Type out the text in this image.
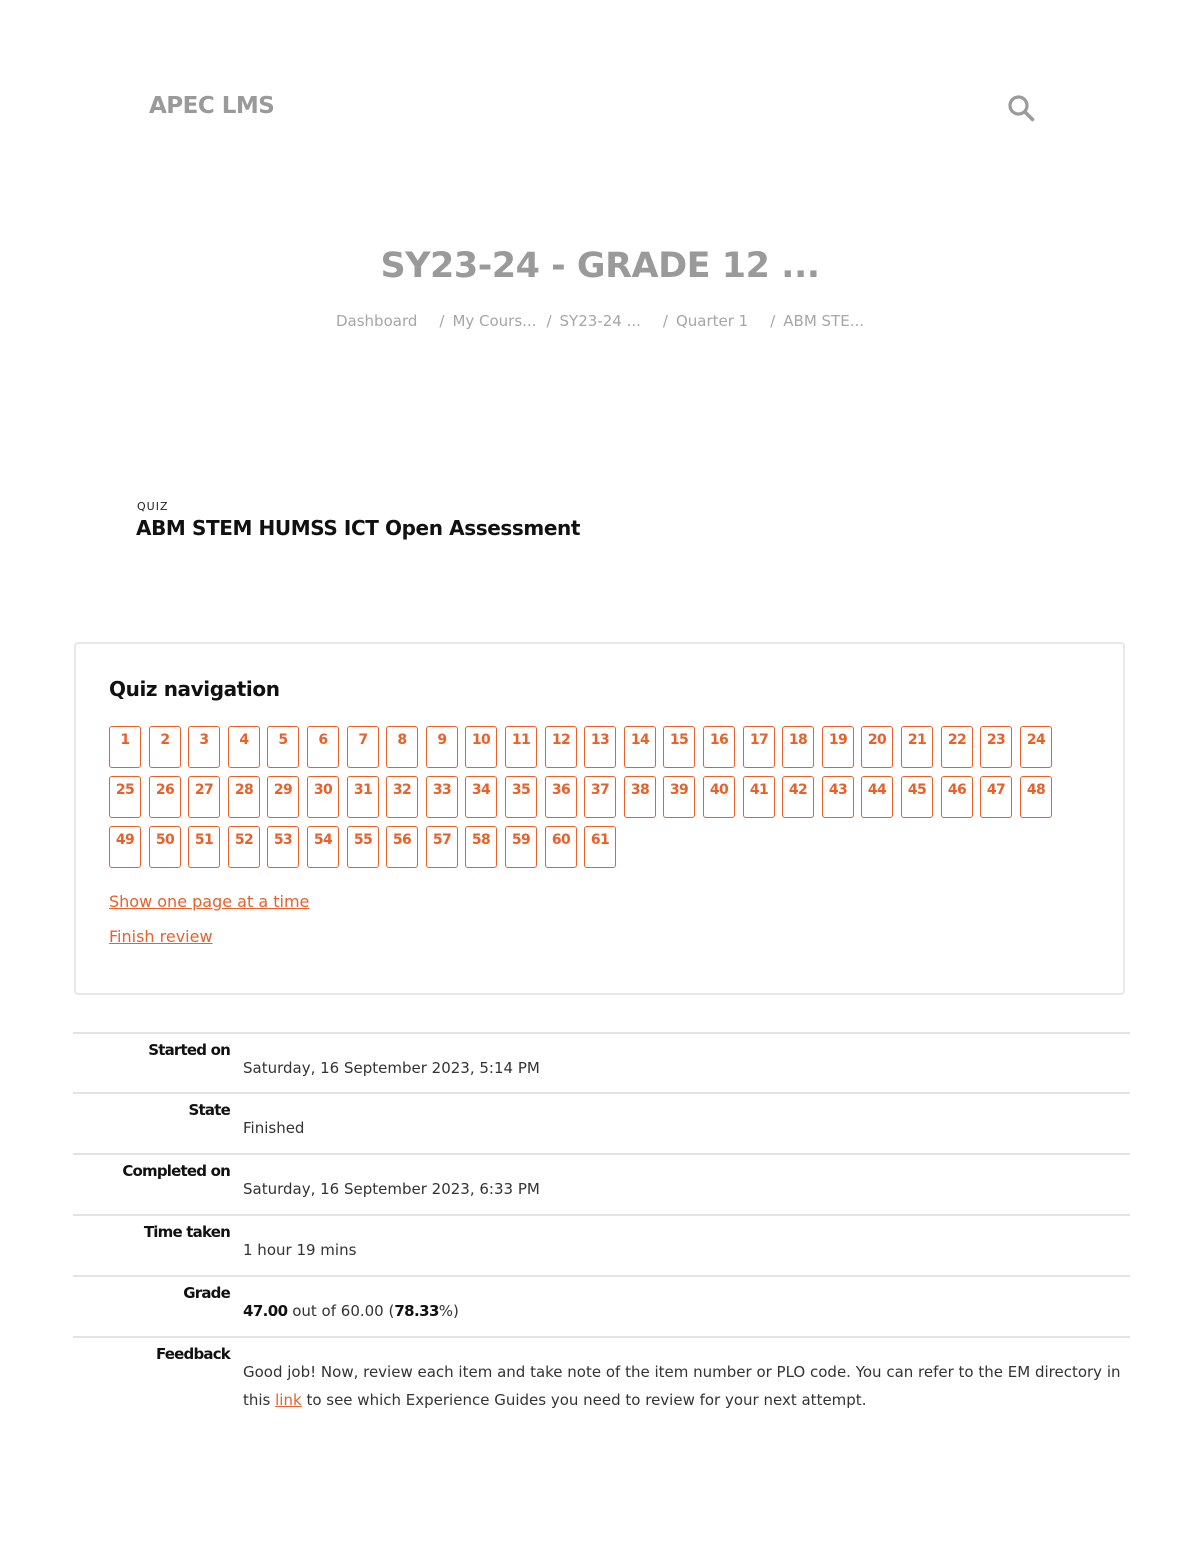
APEC LMS
SY23-24 - GRADE 12 ...
Dashboard / My Cours... / SY23-24 ... / Quarter 1 / ABM STE...
QUIZ
ABM STEM HUMSS ICT Open Assessment
Quiz navigation
1	2	3	4	5	6	7	8	9	10	11	12	13	14	15	16	17	18	19	20	21	22	23	24
25	26	27	28	29	30	31	32	33	34	35	36	37	38	39	40	41	42	43	44	45	46	47	48
49	50	51	52	53	54	55	56	57	58	59	60	61
Show one page at a time
Finish review
Started on
Saturday, 16 September 2023, 5:14 PM
State
Finished
Completed on
Saturday, 16 September 2023, 6:33 PM
Time taken
1 hour 19 mins
Grade
47.00 out of 60.00 (78.33%)
Feedback
Good job! Now, review each item and take note of the item number or PLO code. You can refer to the EM directory in this link to see which Experience Guides you need to review for your next attempt.
